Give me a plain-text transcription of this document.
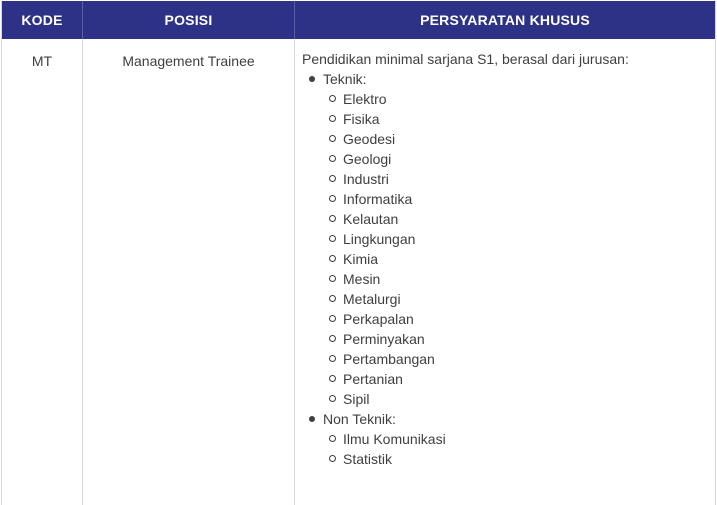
KODE	POSISI	PERSYARATAN KHUSUS
MT	Management Trainee	Pendidikan minimal sarjana S1, berasal dari jurusan:

Teknik:
Elektro
Fisika
Geodesi
Geologi
Industri
Informatika
Kelautan
Lingkungan
Kimia
Mesin
Metalurgi
Perkapalan
Perminyakan
Pertambangan
Pertanian
Sipil
Non Teknik:
Ilmu Komunikasi
Statistik
